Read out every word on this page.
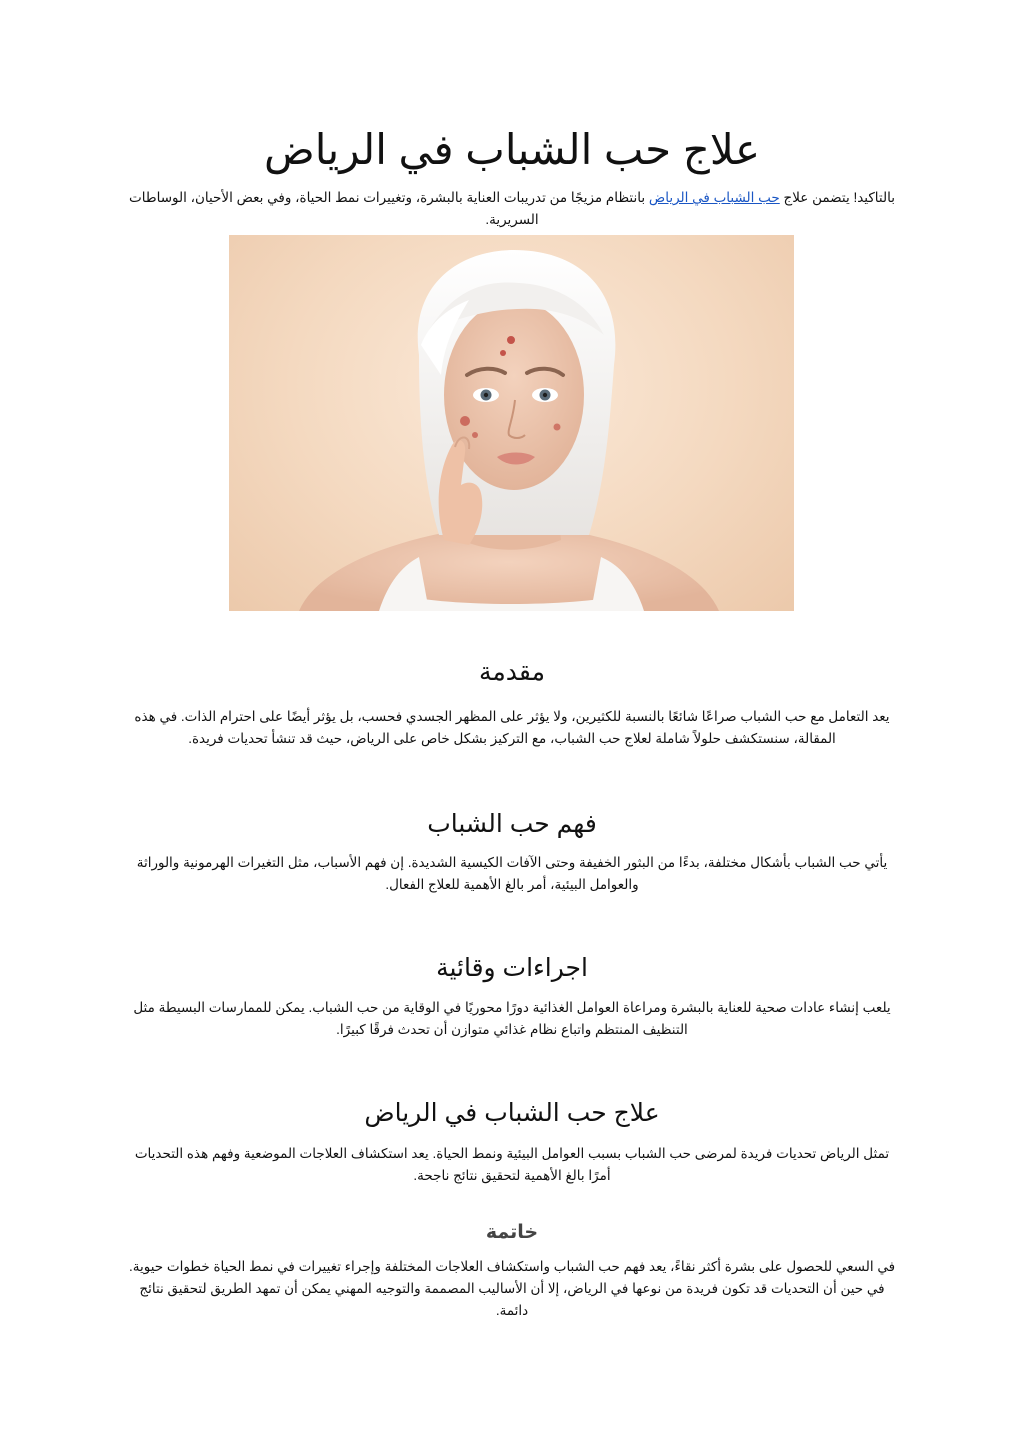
علاج حب الشباب في الرياض

بالتاكيد! يتضمن علاج حب الشباب في الرياض بانتظام مزيجًا من تدريبات العناية بالبشرة، وتغييرات نمط الحياة، وفي بعض الأحيان، الوساطات السريرية.

مقدمة

يعد التعامل مع حب الشباب صراعًا شائعًا بالنسبة للكثيرين، ولا يؤثر على المظهر الجسدي فحسب، بل يؤثر أيضًا على احترام الذات. في هذه المقالة، سنستكشف حلولاً شاملة لعلاج حب الشباب، مع التركيز بشكل خاص على الرياض، حيث قد تنشأ تحديات فريدة.

فهم حب الشباب

يأتي حب الشباب بأشكال مختلفة، بدءًا من البثور الخفيفة وحتى الآفات الكيسية الشديدة. إن فهم الأسباب، مثل التغيرات الهرمونية والوراثة والعوامل البيئية، أمر بالغ الأهمية للعلاج الفعال.

اجراءات وقائية

يلعب إنشاء عادات صحية للعناية بالبشرة ومراعاة العوامل الغذائية دورًا محوريًا في الوقاية من حب الشباب. يمكن للممارسات البسيطة مثل التنظيف المنتظم واتباع نظام غذائي متوازن أن تحدث فرقًا كبيرًا.

علاج حب الشباب في الرياض

تمثل الرياض تحديات فريدة لمرضى حب الشباب بسبب العوامل البيئية ونمط الحياة. يعد استكشاف العلاجات الموضعية وفهم هذه التحديات أمرًا بالغ الأهمية لتحقيق نتائج ناجحة.

خاتمة

في السعي للحصول على بشرة أكثر نقاءً، يعد فهم حب الشباب واستكشاف العلاجات المختلفة وإجراء تغييرات في نمط الحياة خطوات حيوية. في حين أن التحديات قد تكون فريدة من نوعها في الرياض، إلا أن الأساليب المصممة والتوجيه المهني يمكن أن تمهد الطريق لتحقيق نتائج دائمة.
